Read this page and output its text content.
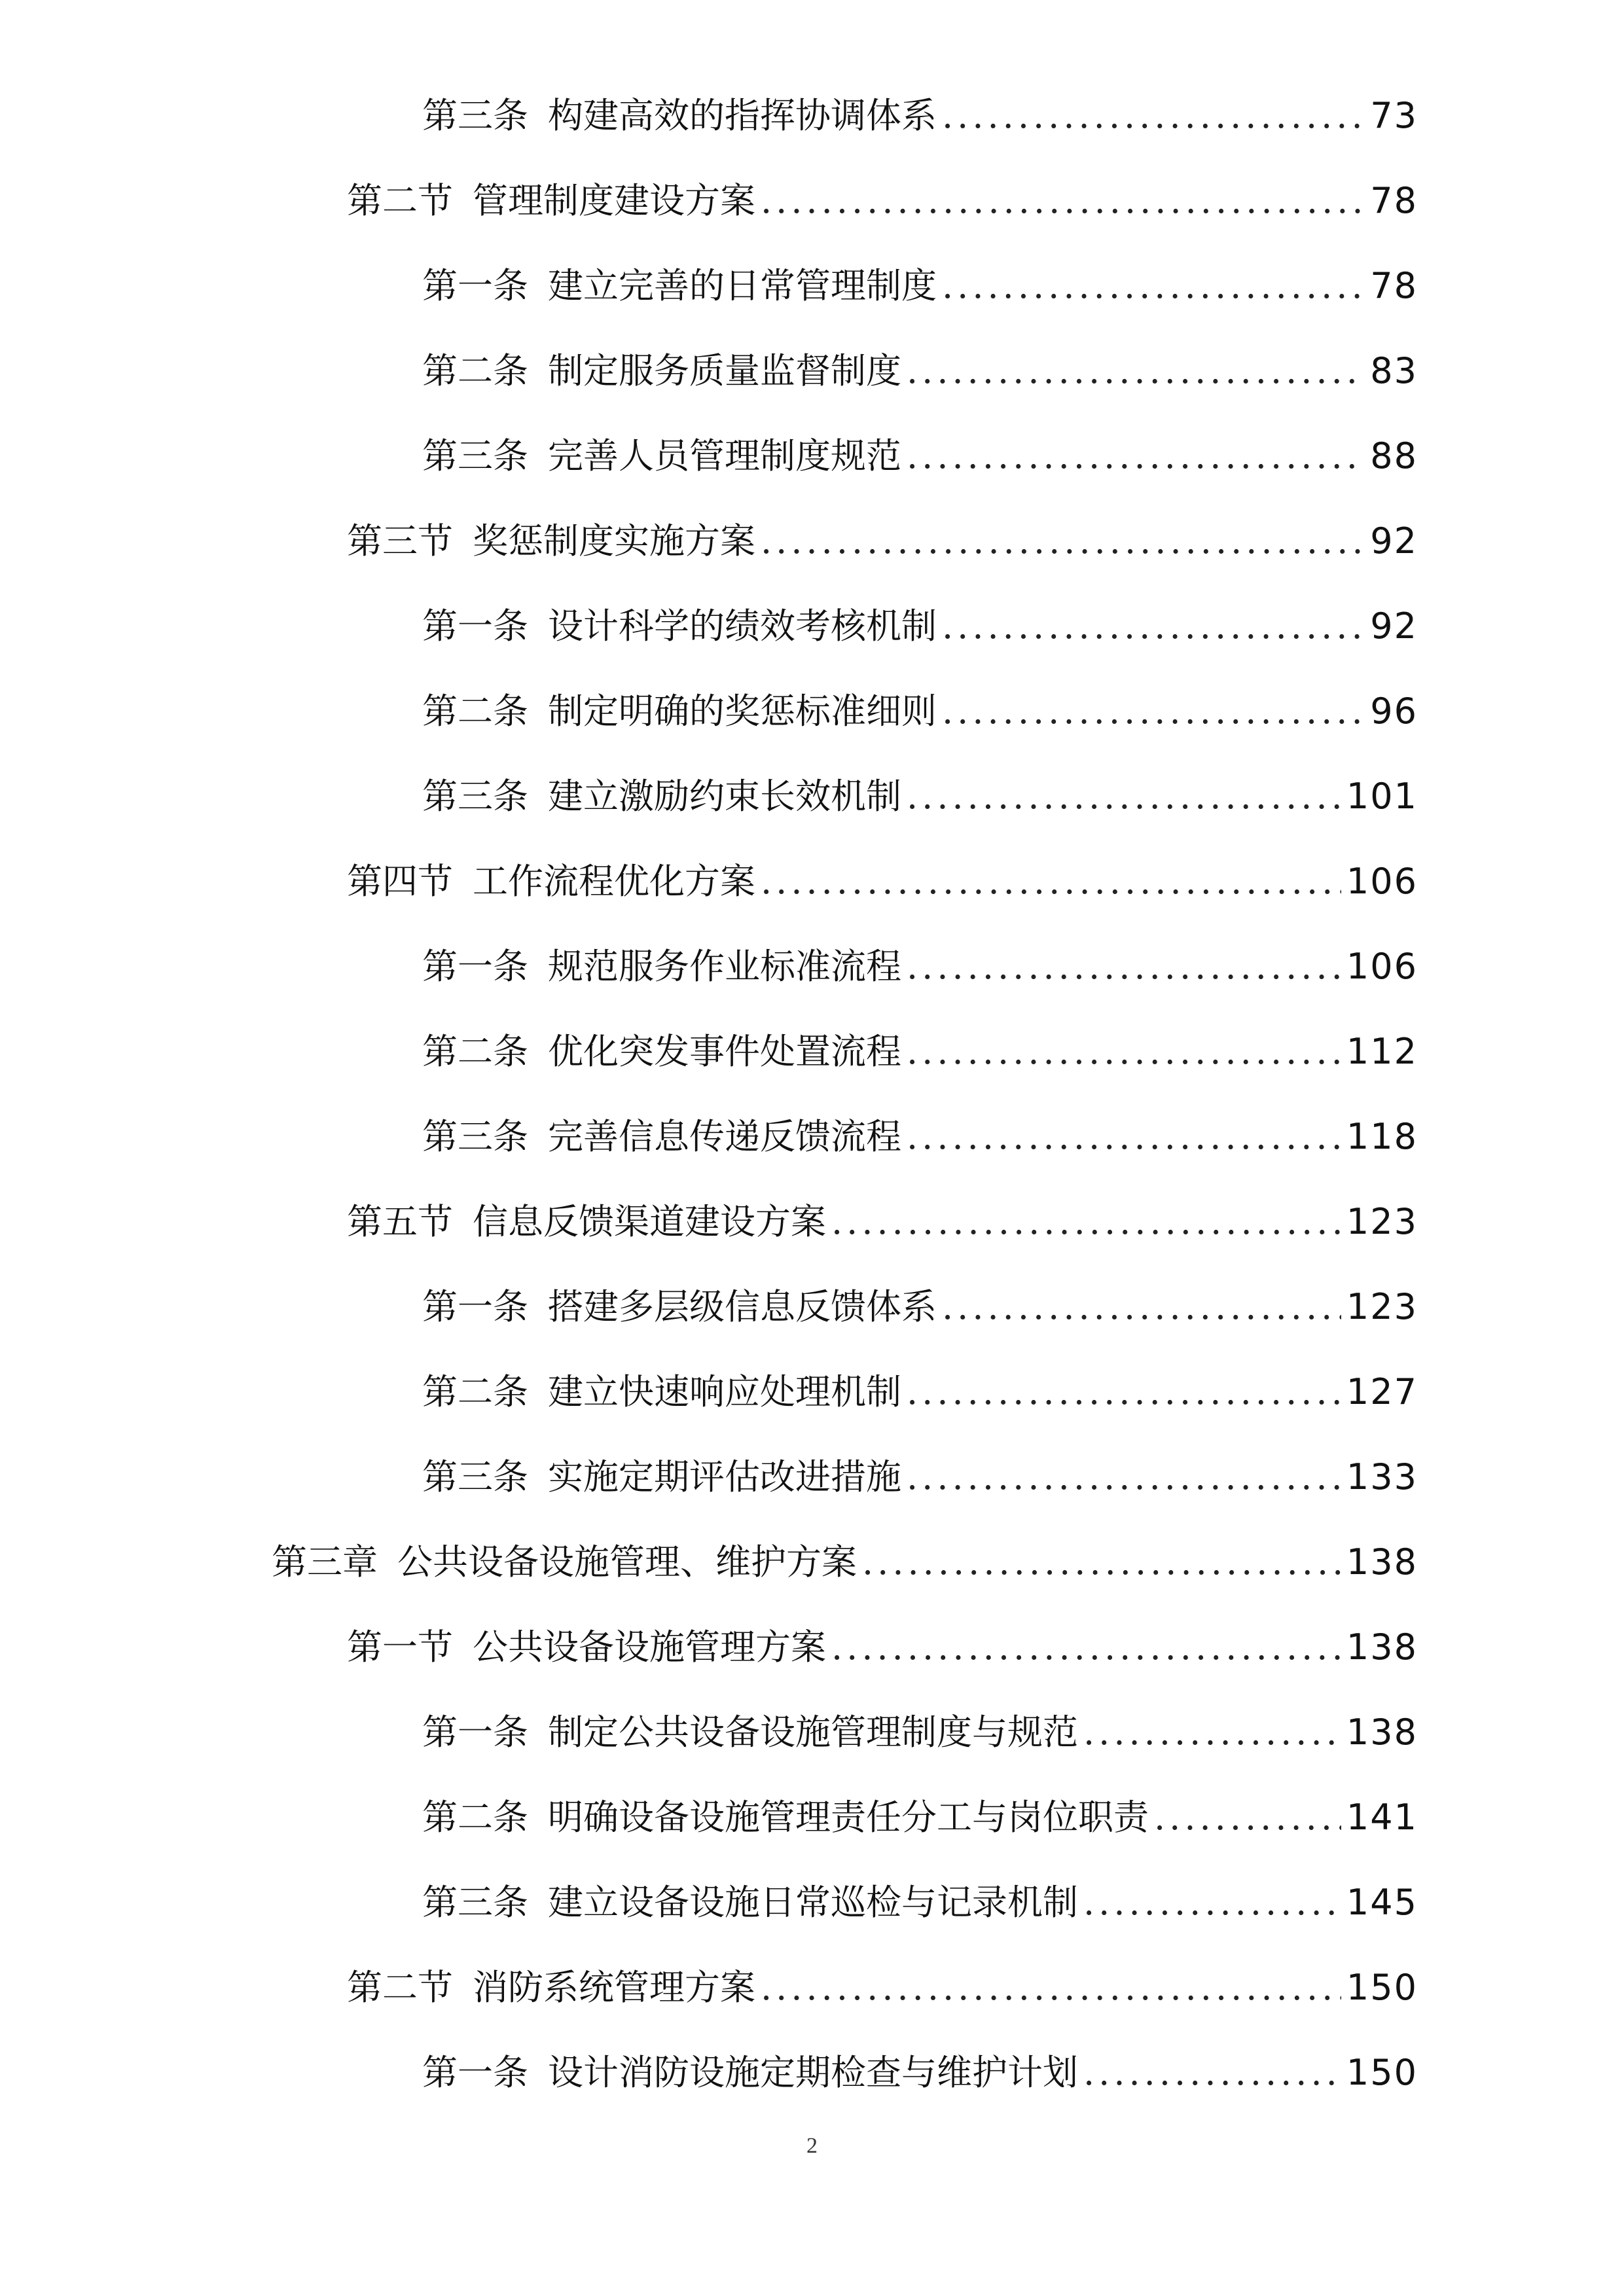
第三条 构建高效的指挥协调体系 .....	73
第二节 管理制度建设方案 .....	78
第一条 建立完善的日常管理制度 .....	78
第二条 制定服务质量监督制度 .....	83
第三条 完善人员管理制度规范 .....	88
第三节 奖惩制度实施方案 .....	92
第一条 设计科学的绩效考核机制 .....	92
第二条 制定明确的奖惩标准细则 .....	96
第三条 建立激励约束长效机制 .....	101
第四节 工作流程优化方案 .....	106
第一条 规范服务作业标准流程 .....	106
第二条 优化突发事件处置流程 .....	112
第三条 完善信息传递反馈流程 .....	118
第五节 信息反馈渠道建设方案 .....	123
第一条 搭建多层级信息反馈体系 .....	123
第二条 建立快速响应处理机制 .....	127
第三条 实施定期评估改进措施 .....	133
第三章 公共设备设施管理、维护方案 .....	138
第一节 公共设备设施管理方案 .....	138
第一条 制定公共设备设施管理制度与规范 .....	138
第二条 明确设备设施管理责任分工与岗位职责 .....	141
第三条 建立设备设施日常巡检与记录机制 .....	145
第二节 消防系统管理方案 .....	150
第一条 设计消防设施定期检查与维护计划 .....	150
2
